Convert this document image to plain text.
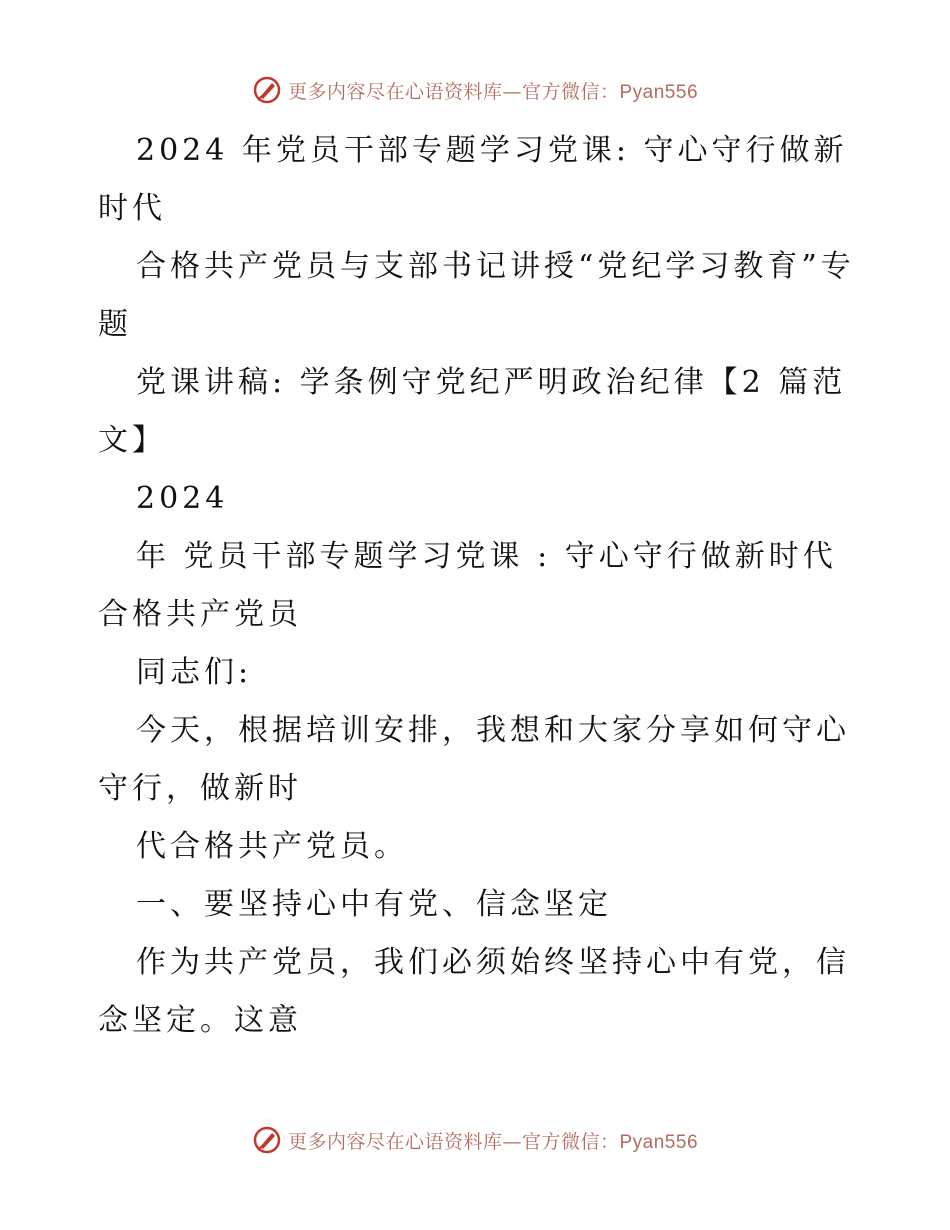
更多内容尽在心语资料库—官方微信：Pyan556

2024 年党员干部专题学习党课: 守心守行做新时代

合格共产党员与支部书记讲授“党纪学习教育”专题

党课讲稿: 学条例守党纪严明政治纪律【2 篇范文】

2024

年 党员干部专题学习党课 : 守心守行做新时代合格共产党员

同志们:

今天，根据培训安排，我想和大家分享如何守心守行，做新时

代合格共产党员。

一、要坚持心中有党、信念坚定

作为共产党员，我们必须始终坚持心中有党，信念坚定。这意

更多内容尽在心语资料库—官方微信：Pyan556
